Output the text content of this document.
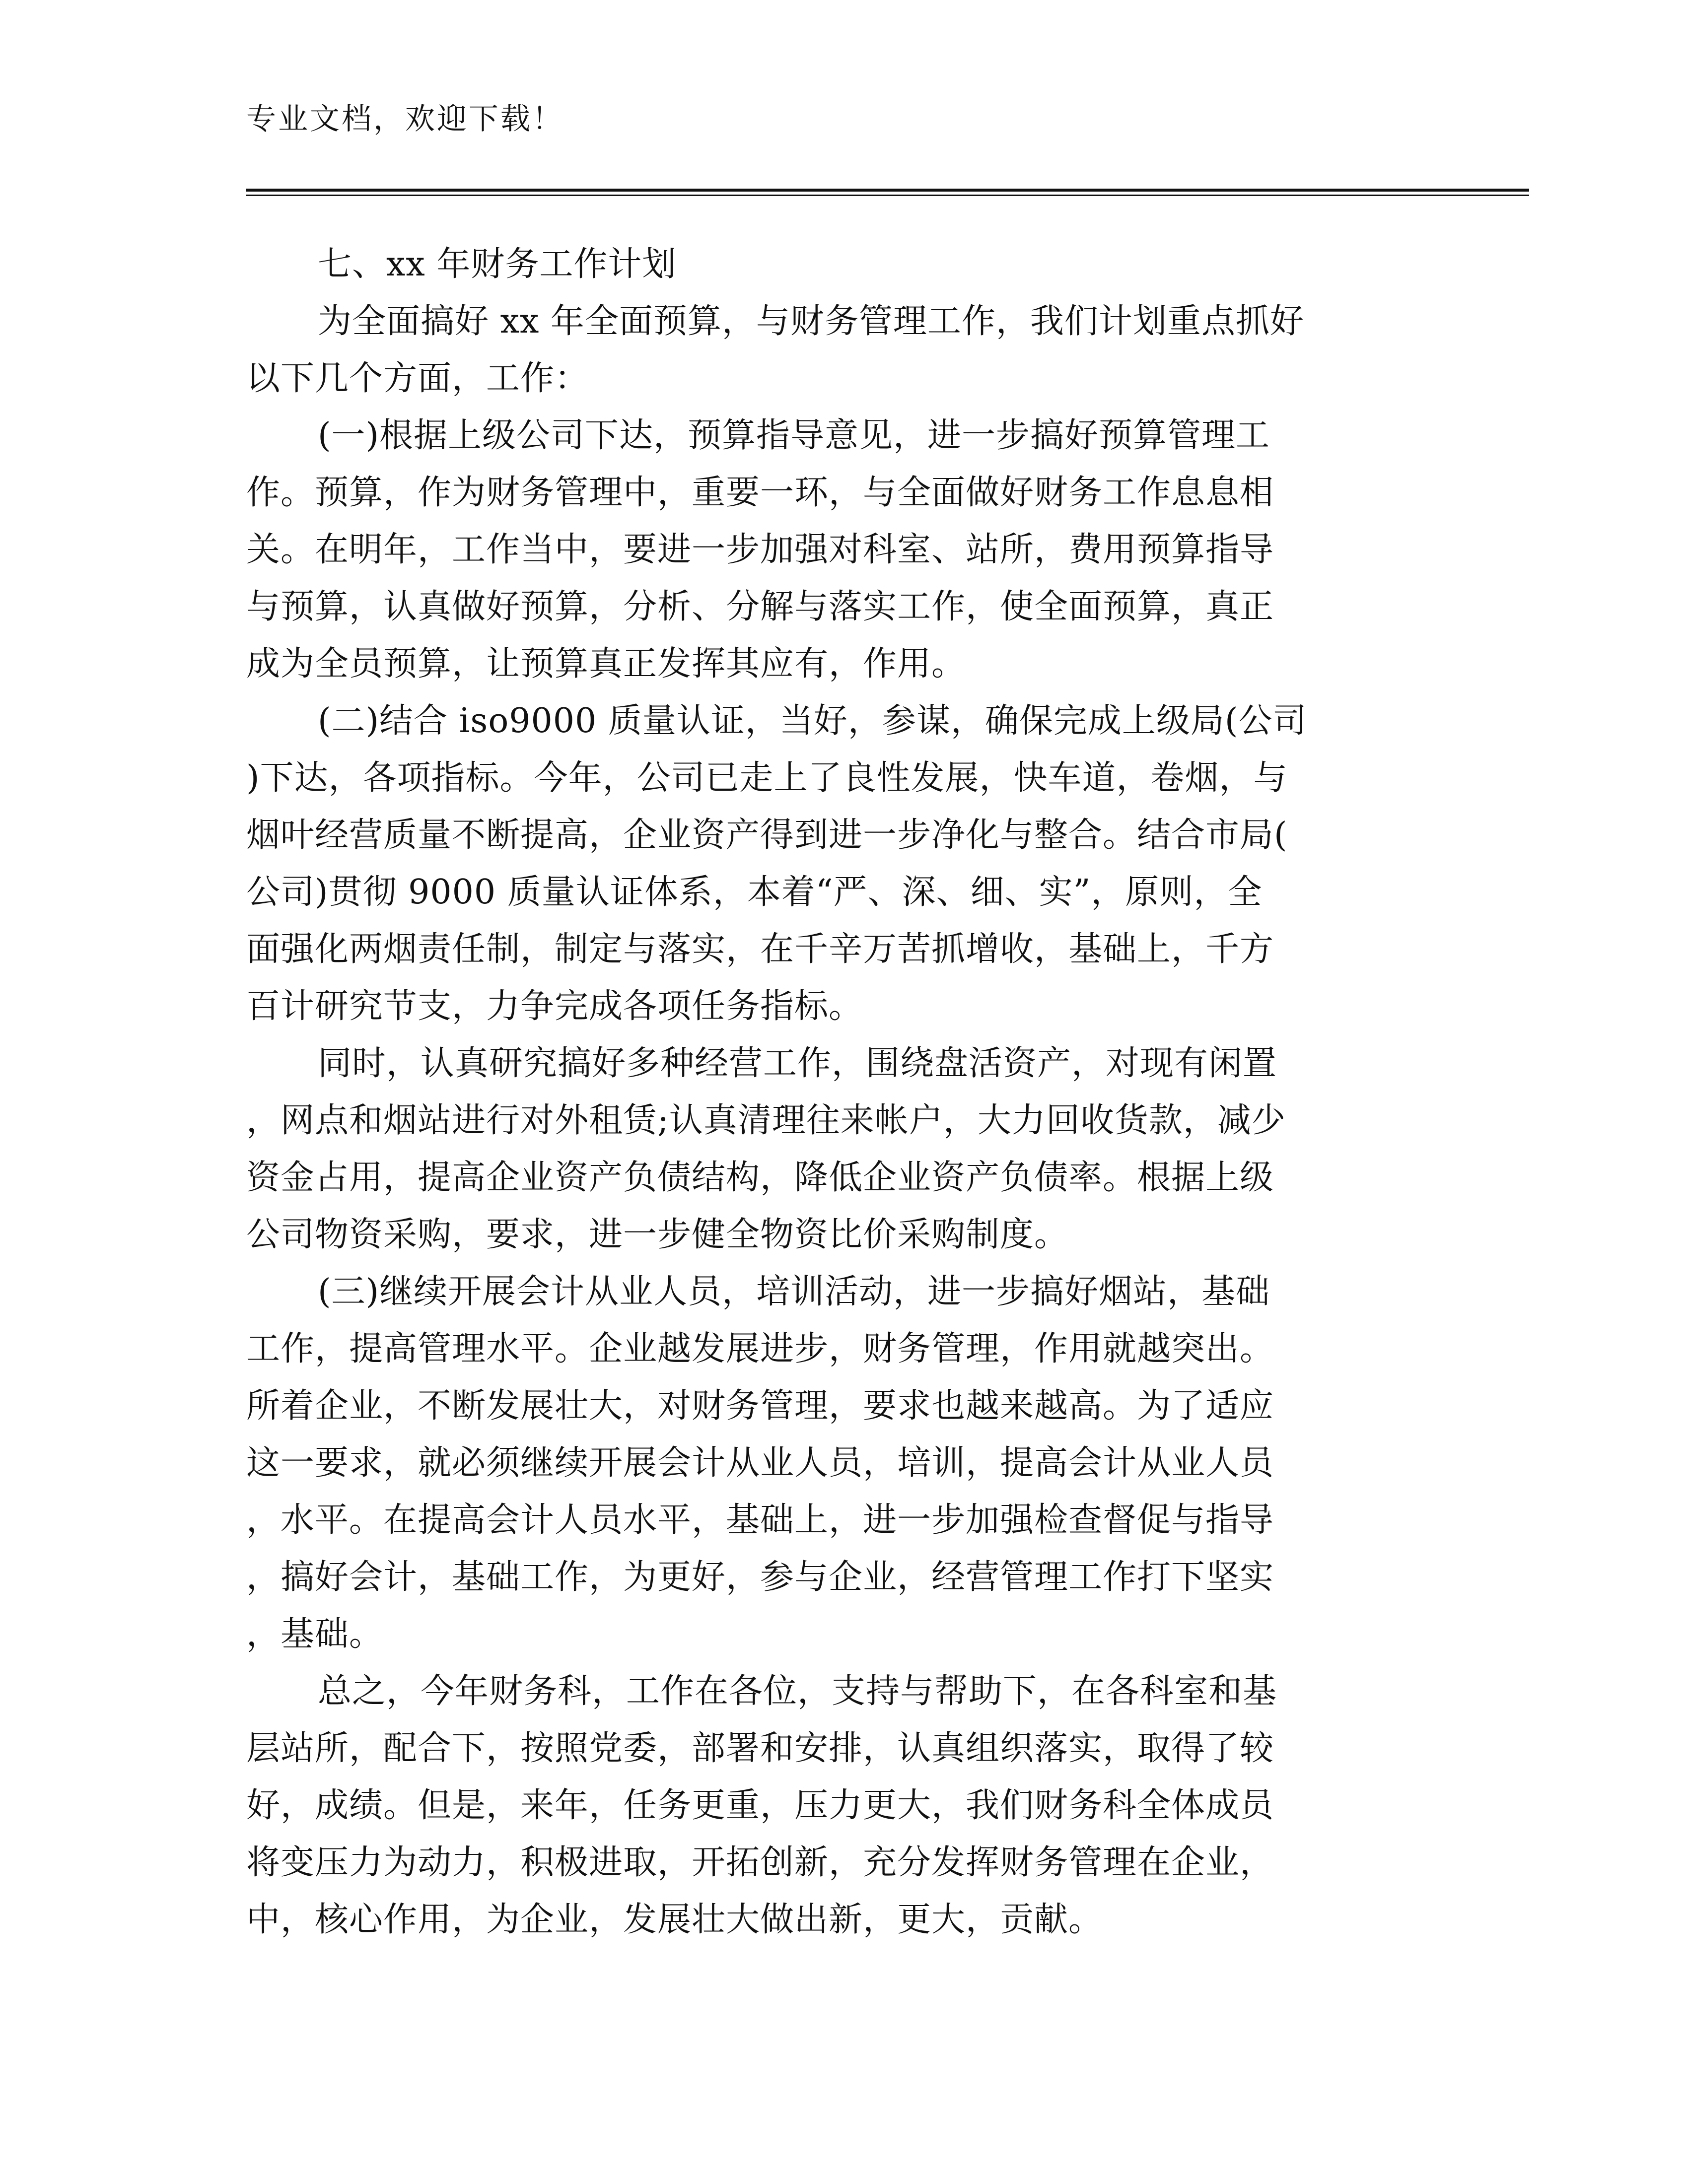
专业文档，欢迎下载！
七、xx 年财务工作计划
为全面搞好 xx 年全面预算，与财务管理工作，我们计划重点抓好
以下几个方面，工作：
(一)根据上级公司下达，预算指导意见，进一步搞好预算管理工
作。预算，作为财务管理中，重要一环，与全面做好财务工作息息相
关。在明年，工作当中，要进一步加强对科室、站所，费用预算指导
与预算，认真做好预算，分析、分解与落实工作，使全面预算，真正
成为全员预算，让预算真正发挥其应有，作用。
(二)结合 iso9000 质量认证，当好，参谋，确保完成上级局(公司
)下达，各项指标。今年，公司已走上了良性发展，快车道，卷烟，与
烟叶经营质量不断提高，企业资产得到进一步净化与整合。结合市局(
公司)贯彻 9000 质量认证体系，本着“严、深、细、实”，原则，全
面强化两烟责任制，制定与落实，在千辛万苦抓增收，基础上，千方
百计研究节支，力争完成各项任务指标。
同时，认真研究搞好多种经营工作，围绕盘活资产，对现有闲置
，网点和烟站进行对外租赁;认真清理往来帐户，大力回收货款，减少
资金占用，提高企业资产负债结构，降低企业资产负债率。根据上级
公司物资采购，要求，进一步健全物资比价采购制度。
(三)继续开展会计从业人员，培训活动，进一步搞好烟站，基础
工作，提高管理水平。企业越发展进步，财务管理，作用就越突出。
所着企业，不断发展壮大，对财务管理，要求也越来越高。为了适应
这一要求，就必须继续开展会计从业人员，培训，提高会计从业人员
，水平。在提高会计人员水平，基础上，进一步加强检查督促与指导
，搞好会计，基础工作，为更好，参与企业，经营管理工作打下坚实
，基础。
总之，今年财务科，工作在各位，支持与帮助下，在各科室和基
层站所，配合下，按照党委，部署和安排，认真组织落实，取得了较
好，成绩。但是，来年，任务更重，压力更大，我们财务科全体成员
将变压力为动力，积极进取，开拓创新，充分发挥财务管理在企业，
中，核心作用，为企业，发展壮大做出新，更大，贡献。
